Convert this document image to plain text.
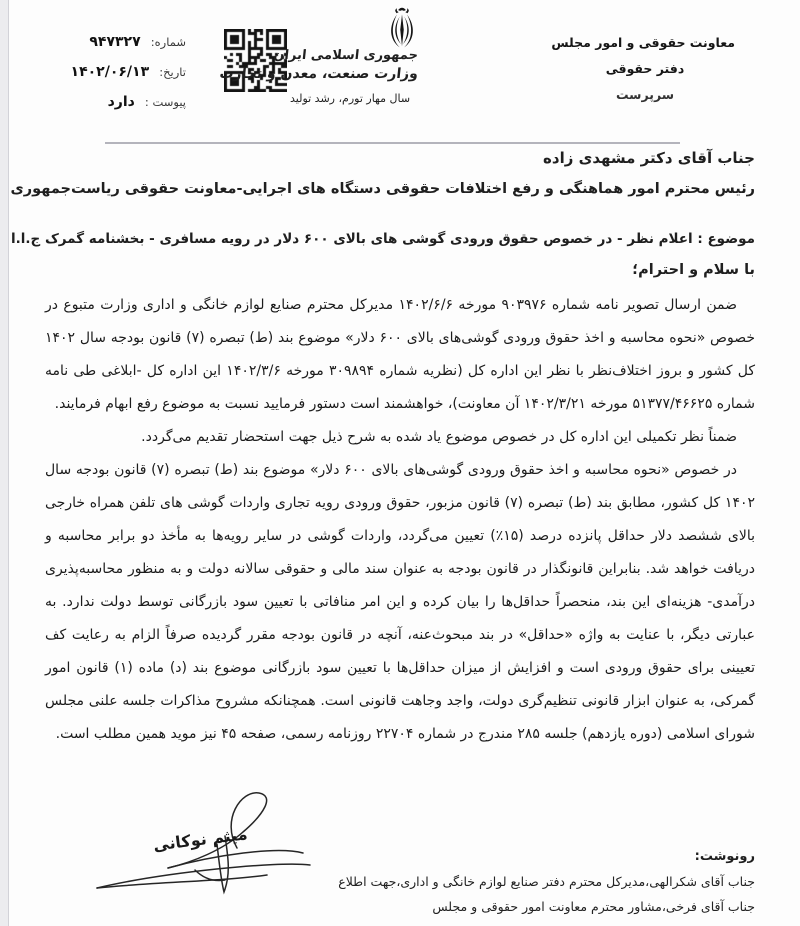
شماره: ۹۴۷۳۲۷
تاریخ: ۱۴۰۲/۰۶/۱۳
پیوست : دارد
جمهوری اسلامی ایران
وزارت صنعت، معدن و تجارت
سال مهار تورم، رشد تولید
معاونت حقوقی و امور مجلس
دفتر حقوقی
سرپرست
جناب آقای دکتر مشهدی زاده
رئیس محترم امور هماهنگی و رفع اختلافات حقوقی دستگاه های اجرایی-معاونت حقوقی ریاست‌جمهوری
موضوع : اعلام نظر - در خصوص حقوق ورودی گوشی های بالای ۶۰۰ دلار در رویه مسافری - بخشنامه گمرک ج.ا.ا
با سلام و احترام؛

ضمن ارسال تصویر نامه شماره ۹۰۳۹۷۶ مورخه ۱۴۰۲/۶/۶ مدیرکل محترم صنایع لوازم خانگی و اداری وزارت متبوع در خصوص «نحوه محاسبه و اخذ حقوق ورودی گوشی‌های بالای ۶۰۰ دلار» موضوع بند (ط) تبصره (۷) قانون بودجه سال ۱۴۰۲ کل کشور و بروز اختلاف‌نظر با نظر این اداره کل (نظریه شماره ۳۰۹۸۹۴ مورخه ۱۴۰۲/۳/۶ این اداره کل -ابلاغی طی نامه شماره ۵۱۳۷۷/۴۶۶۲۵ مورخه ۱۴۰۲/۳/۲۱ آن معاونت)، خواهشمند است دستور فرمایید نسبت به موضوع رفع ابهام فرمایند.

ضمناً نظر تکمیلی این اداره کل در خصوص موضوع یاد شده به شرح ذیل جهت استحضار تقدیم می‌گردد.

در خصوص «نحوه محاسبه و اخذ حقوق ورودی گوشی‌های بالای ۶۰۰ دلار» موضوع بند (ط) تبصره (۷) قانون بودجه سال ۱۴۰۲ کل کشور، مطابق بند (ط) تبصره (۷) قانون مزبور، حقوق ورودی رویه تجاری واردات گوشی های تلفن همراه خارجی بالای ششصد دلار حداقل پانزده درصد (۱۵٪) تعیین می‌گردد، واردات گوشی در سایر رویه‌ها به مأخذ دو برابر محاسبه و دریافت خواهد شد. بنابراین قانونگذار در قانون بودجه به عنوان سند مالی و حقوقی سالانه دولت و به منظور محاسبه‌پذیری درآمدی- هزینه‌ای این بند، منحصراً حداقل‌ها را بیان کرده و این امر منافاتی با تعیین سود بازرگانی توسط دولت ندارد. به عبارتی دیگر، با عنایت به واژه «حداقل» در بند مبحوث‌عنه، آنچه در قانون بودجه مقرر گردیده صرفاً الزام به رعایت کف تعیینی برای حقوق ورودی است و افزایش از میزان حداقل‌ها با تعیین سود بازرگانی موضوع بند (د) ماده (۱) قانون امور گمرکی، به عنوان ابزار قانونی تنظیم‌گری دولت، واجد وجاهت قانونی است. همچنانکه مشروح مذاکرات جلسه علنی مجلس شورای اسلامی (دوره یازدهم) جلسه ۲۸۵ مندرج در شماره ۲۲۷۰۴ روزنامه رسمی، صفحه ۴۵ نیز موید همین مطلب است.

میثم نوکانی
رونوشت:
جناب آقای شکرالهی،مدیرکل محترم دفتر صنایع لوازم خانگی و اداری،جهت اطلاع
جناب آقای فرخی،مشاور محترم معاونت امور حقوقی و مجلس
